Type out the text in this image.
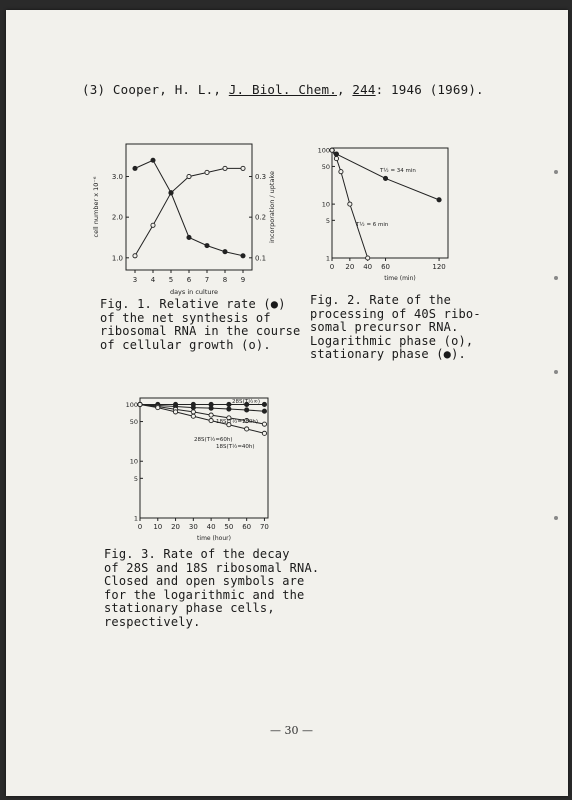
(3) Cooper, H. L., J. Biol. Chem., 244: 1946 (1969).
3 4 5 6 7 8 9
1.0
2.0
3.0
0.1
0.2
0.3
days in culture
cell number x 10⁻⁶	incorporation / uptake
0 20 40 60	120
100
50
10
5
1
time (min)
T½ = 34 min
T½ = 6 min
0 10 20 30 40 50 60 70
100
50
10
5
1
time (hour)
28S(T½∞)
18S(T½=180h)
28S(T½=60h)
18S(T½=40h)
Fig. 1. Relative rate (●)
of the net synthesis of
ribosomal RNA in the course
of cellular growth (o).
Fig. 2. Rate of the
processing of 40S ribo-
somal precursor RNA.
Logarithmic phase (o),
stationary phase (●).
Fig. 3. Rate of the decay
of 28S and 18S ribosomal RNA.
Closed and open symbols are
for the logarithmic and the
stationary phase cells,
respectively.
— 30 —
